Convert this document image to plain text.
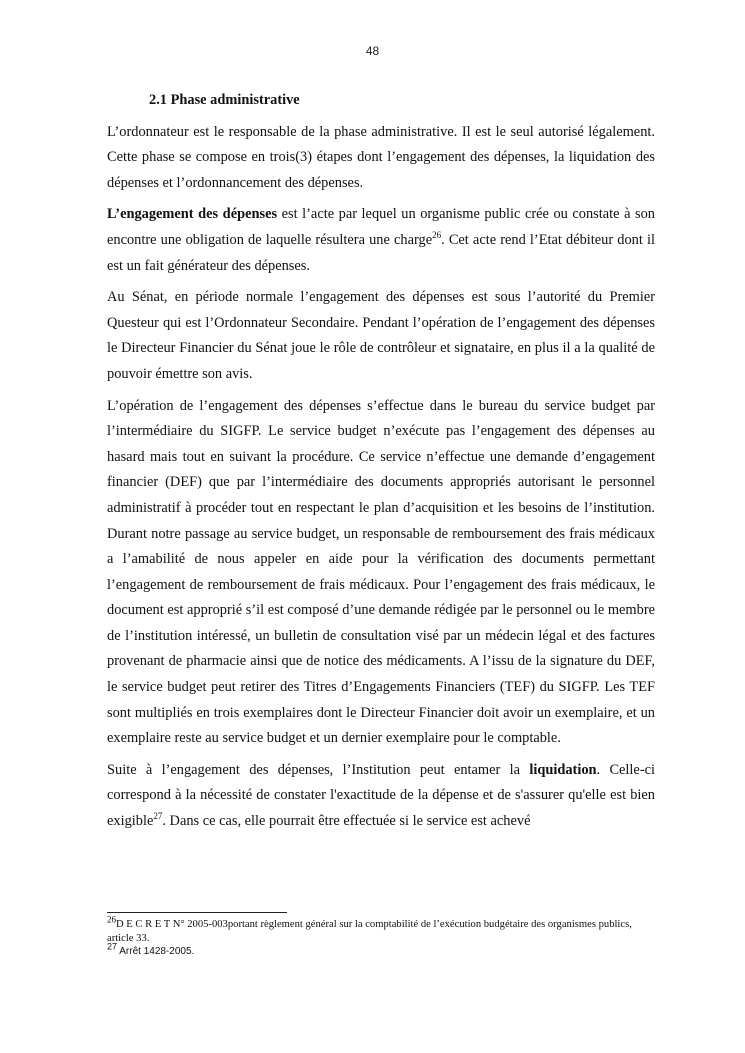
48

2.1 Phase administrative

L’ordonnateur est le responsable de la phase administrative. Il est le seul autorisé légalement. Cette phase se compose en trois(3) étapes dont l’engagement des dépenses, la liquidation des dépenses et l’ordonnancement des dépenses.

L’engagement des dépenses est l’acte par lequel un organisme public crée ou constate à son encontre une obligation de laquelle résultera une charge$^{26}$. Cet acte rend l’Etat débiteur dont il est un fait générateur des dépenses.

Au Sénat, en période normale l’engagement des dépenses est sous l’autorité du Premier Questeur qui est l’Ordonnateur Secondaire. Pendant l’opération de l’engagement des dépenses le Directeur Financier du Sénat joue le rôle de contrôleur et signataire, en plus il a la qualité de pouvoir émettre son avis.

L’opération de l’engagement des dépenses s’effectue dans le bureau du service budget par l’intermédiaire du SIGFP. Le service budget n’exécute pas l’engagement des dépenses au hasard mais tout en suivant la procédure. Ce service n’effectue une demande d’engagement financier (DEF) que par l’intermédiaire des documents appropriés autorisant le personnel administratif à procéder tout en respectant le plan d’acquisition et les besoins de l’institution. Durant notre passage au service budget, un responsable de remboursement des frais médicaux a l’amabilité de nous appeler en aide pour la vérification des documents permettant l’engagement de remboursement de frais médicaux. Pour l’engagement des frais médicaux, le document est approprié s’il est composé d’une demande rédigée par le personnel ou le membre de l’institution intéressé, un bulletin de consultation visé par un médecin légal et des factures provenant de pharmacie ainsi que de notice des médicaments. A l’issu de la signature du DEF, le service budget peut retirer des Titres d’Engagements Financiers (TEF) du SIGFP. Les TEF sont multipliés en trois exemplaires dont le Directeur Financier doit avoir un exemplaire, et un exemplaire reste au service budget et un dernier exemplaire pour le comptable.

Suite à l’engagement des dépenses, l’Institution peut entamer la liquidation. Celle-ci correspond à la nécessité de constater l'exactitude de la dépense et de s'assurer qu'elle est bien exigible$^{27}$. Dans ce cas, elle pourrait être effectuée si le service est achevé

$^{26}$D E C R E T N° 2005-003portant règlement général sur la comptabilité de l’exécution budgétaire des organismes publics, article 33.

$^{27}$ Arrêt 1428-2005.
